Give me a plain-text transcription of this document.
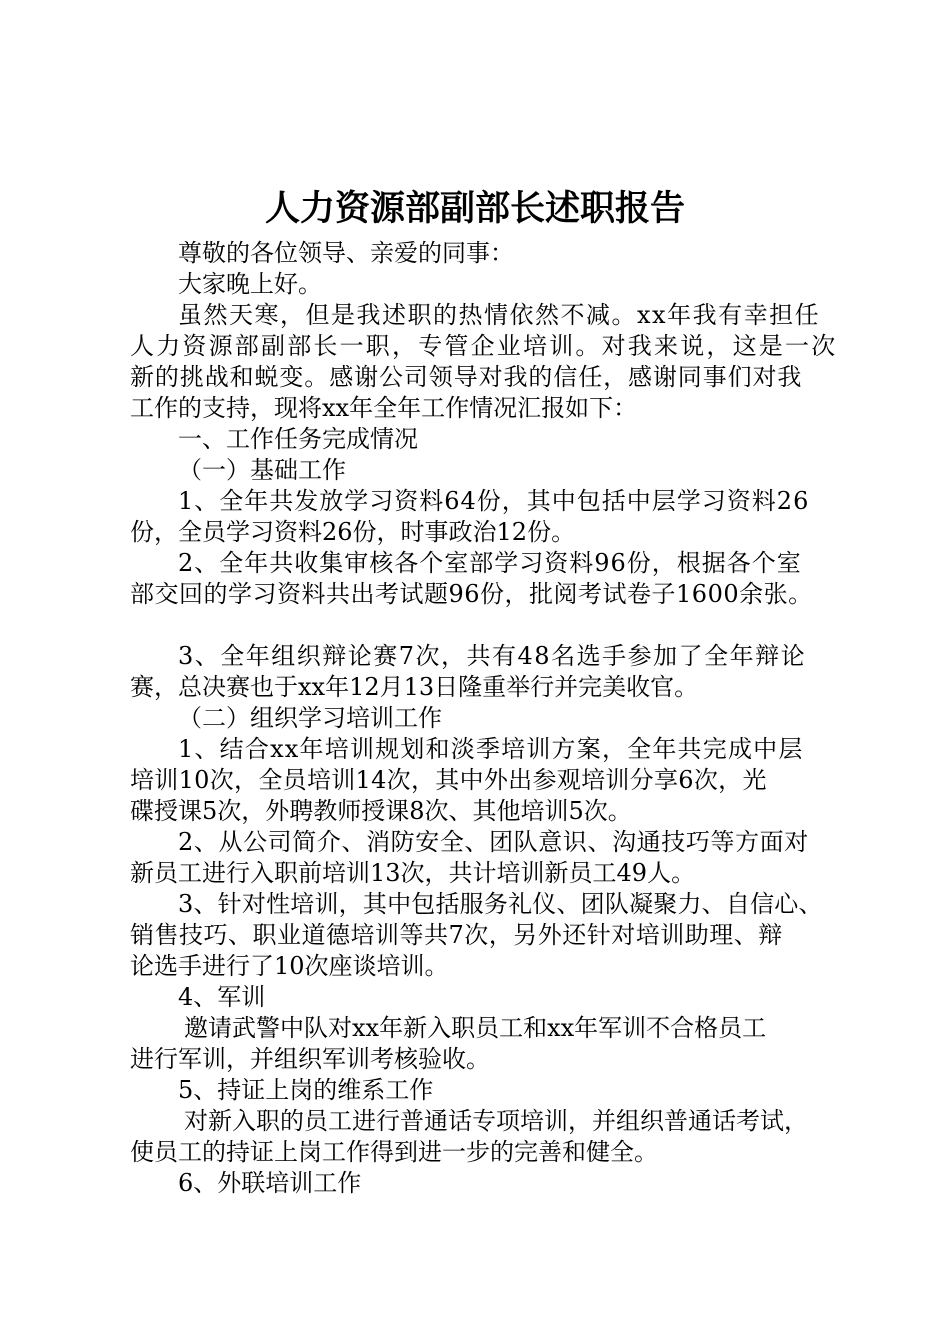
人力资源部副部长述职报告
尊敬的各位领导、亲爱的同事：
大家晚上好。
虽然天寒，但是我述职的热情依然不减。xx年我有幸担任
人力资源部副部长一职，专管企业培训。对我来说，这是一次
新的挑战和蜕变。感谢公司领导对我的信任，感谢同事们对我
工作的支持，现将xx年全年工作情况汇报如下：
一、工作任务完成情况
（一）基础工作
1、全年共发放学习资料64份，其中包括中层学习资料26
份，全员学习资料26份，时事政治12份。
2、全年共收集审核各个室部学习资料96份，根据各个室
部交回的学习资料共出考试题96份，批阅考试卷子1600余张。
3、全年组织辩论赛7次，共有48名选手参加了全年辩论
赛，总决赛也于xx年12月13日隆重举行并完美收官。
（二）组织学习培训工作
1、结合xx年培训规划和淡季培训方案，全年共完成中层
培训10次，全员培训14次，其中外出参观培训分享6次，光
碟授课5次，外聘教师授课8次、其他培训5次。
2、从公司简介、消防安全、团队意识、沟通技巧等方面对
新员工进行入职前培训13次，共计培训新员工49人。
3、针对性培训，其中包括服务礼仪、团队凝聚力、自信心、
销售技巧、职业道德培训等共7次，另外还针对培训助理、辩
论选手进行了10次座谈培训。
4、军训
邀请武警中队对xx年新入职员工和xx年军训不合格员工
进行军训，并组织军训考核验收。
5、持证上岗的维系工作
对新入职的员工进行普通话专项培训，并组织普通话考试，
使员工的持证上岗工作得到进一步的完善和健全。
6、外联培训工作
